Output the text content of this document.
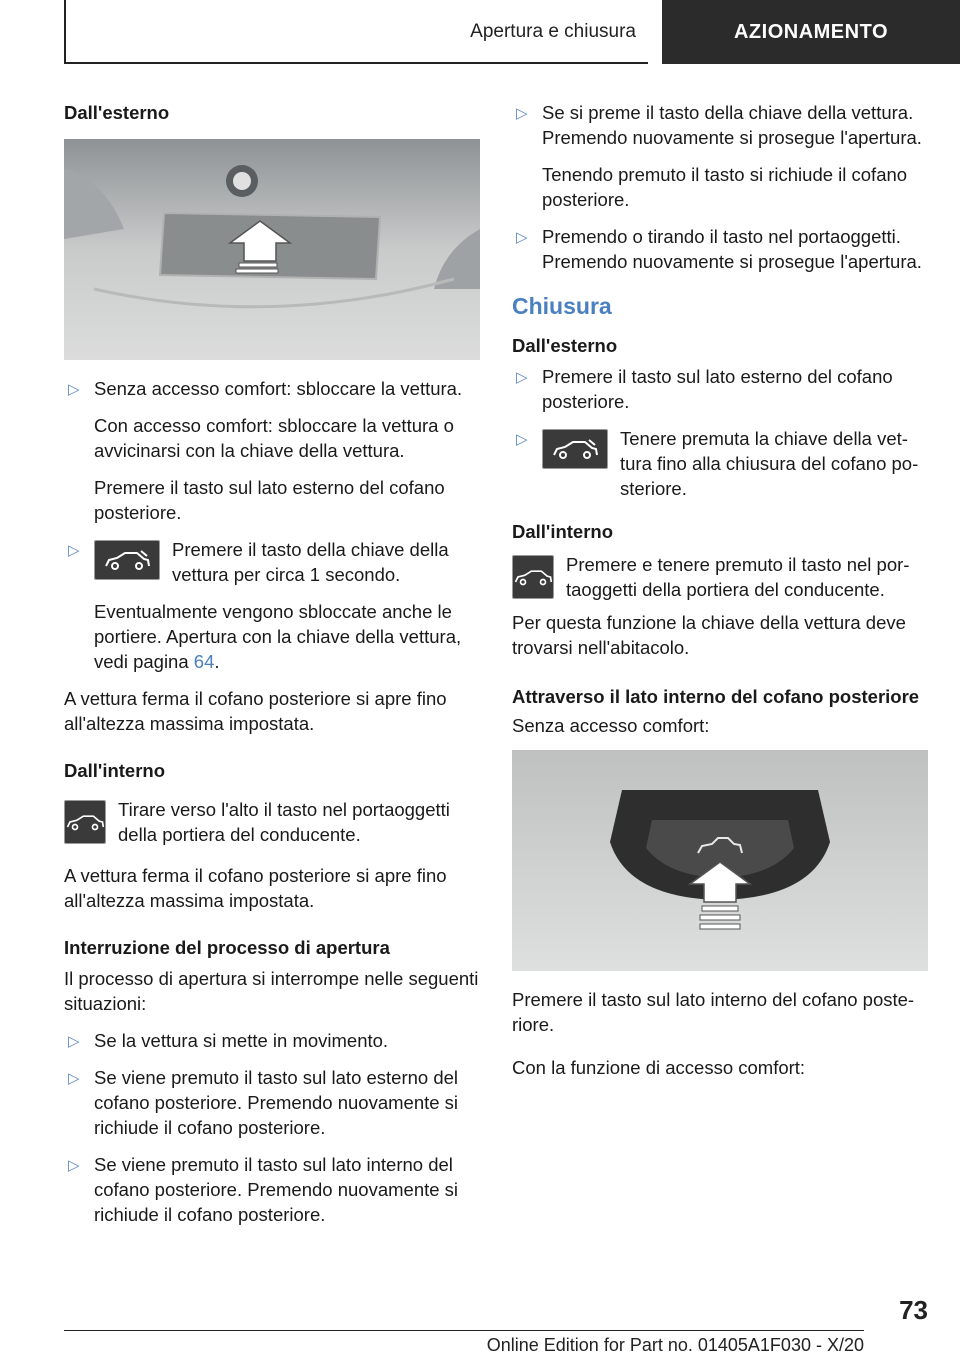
Apertura e chiusura	AZIONAMENTO
Dall'esterno
▷ Senza accesso comfort: sbloccare la vettura.

Con accesso comfort: sbloccare la vettura o avvicinarsi con la chiave della vettura.

Premere il tasto sul lato esterno del cofano posteriore.

▷	Premere il tasto della chiave della vettura per circa 1 secondo.

Eventualmente vengono sbloccate anche le portiere. Apertura con la chiave della vettura, vedi pagina 64.

A vettura ferma il cofano posteriore si apre fino all'altezza massima impostata.

Dall'interno
Tirare verso l'alto il tasto nel portaoggetti della portiera del conducente.

A vettura ferma il cofano posteriore si apre fino all'altezza massima impostata.

Interruzione del processo di apertura

Il processo di apertura si interrompe nelle seguenti situazioni:

▷ Se la vettura si mette in movimento.

▷ Se viene premuto il tasto sul lato esterno del cofano posteriore. Premendo nuovamente si richiude il cofano posteriore.

▷ Se viene premuto il tasto sul lato interno del cofano posteriore. Premendo nuovamente si richiude il cofano posteriore.

▷ Se si preme il tasto della chiave della vettura. Premendo nuovamente si prosegue l'apertura.

Tenendo premuto il tasto si richiude il cofano posteriore.

▷ Premendo o tirando il tasto nel portaoggetti. Premendo nuovamente si prosegue l'apertura.

Chiusura
Dall'esterno
▷ Premere il tasto sul lato esterno del cofano posteriore.

▷	Tenere premuta la chiave della vettura fino alla chiusura del cofano posteriore.
Dall'interno
Premere e tenere premuto il tasto nel portaoggetti della portiera del conducente.

Per questa funzione la chiave della vettura deve trovarsi nell'abitacolo.

Attraverso il lato interno del cofano posteriore

Senza accesso comfort:

Premere il tasto sul lato interno del cofano posteriore.

Con la funzione di accesso comfort:

73
Online Edition for Part no. 01405A1F030 - X/20
